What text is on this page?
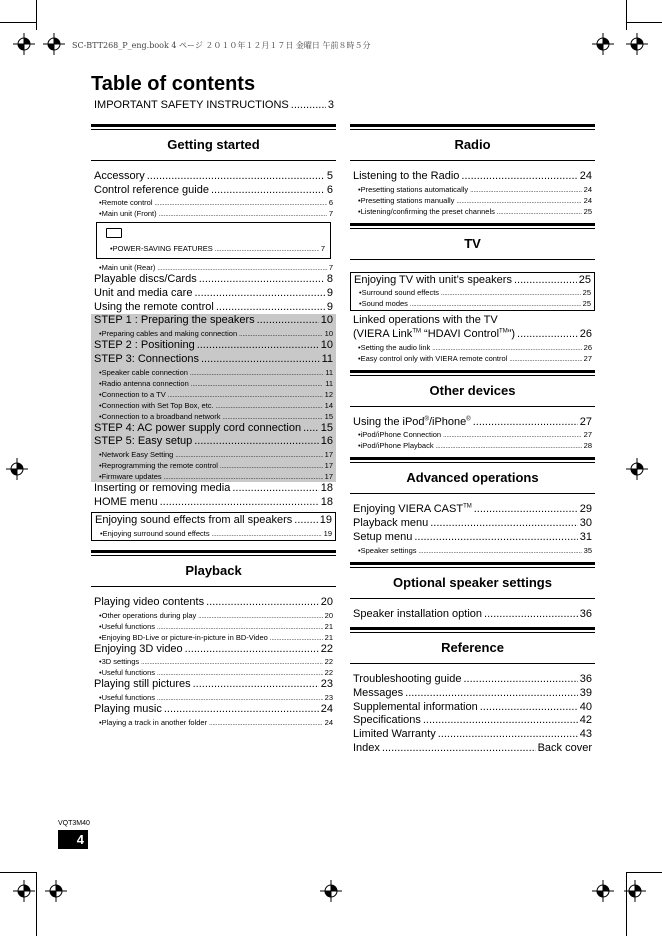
SC-BTT268_P_eng.book 4 ページ ２０１０年１２月１７日 金曜日 午前８時５分
Table of contents
IMPORTANT SAFETY INSTRUCTIONS .....	3
Getting started
Accessory .....	5
Control reference guide .....	6
•Remote control .....	6
•Main unit (Front) .....	7
•POWER-SAVING FEATURES .....	7
•Main unit (Rear) .....	7
Playable discs/Cards .....	8
Unit and media care .....	9
Using the remote control .....	9
STEP 1 : Preparing the speakers .....	10
•Preparing cables and making connection .....	10
STEP 2 : Positioning .....	10
STEP 3: Connections .....	11
•Speaker cable connection .....	11
•Radio antenna connection .....	11
•Connection to a TV .....	12
•Connection with Set Top Box, etc. .....	14
•Connection to a broadband network .....	15
STEP 4: AC power supply cord connection ..... 15
STEP 5: Easy setup .....	16
•Network Easy Setting .....	17
•Reprogramming the remote control .....	17
•Firmware updates .....	17
Inserting or removing media .....	18
HOME menu .....	18
Enjoying sound effects from all speakers ..... 19
•Enjoying surround sound effects .....	19
Playback
Playing video contents .....	20
•Other operations during play .....	20
•Useful functions .....	21
•Enjoying BD-Live or picture-in-picture in BD-Video .....	21
Enjoying 3D video .....	22
•3D settings .....	22
•Useful functions .....	22
Playing still pictures .....	23
•Useful functions .....	23
Playing music .....	24
•Playing a track in another folder .....	24
Radio
Listening to the Radio .....	24
•Presetting stations automatically .....	24
•Presetting stations manually .....	24
•Listening/confirming the preset channels .....	25
TV
Enjoying TV with unit’s speakers .....	25
•Surround sound effects .....	25
•Sound modes .....	25
Linked operations with the TV
(VIERA Link™ “HDAVI Control™”) .....	26
•Setting the audio link .....	26
•Easy control only with VIERA remote control .....	27
Other devices
Using the iPod®/iPhone® .....	27
•iPod/iPhone Connection .....	27
•iPod/iPhone Playback .....	28
Advanced operations
Enjoying VIERA CAST™ .....	29
Playback menu .....	30
Setup menu .....	31
•Speaker settings .....	35
Optional speaker settings
Speaker installation option .....	36
Reference
Troubleshooting guide .....	36
Messages .....	39
Supplemental information .....	40
Specifications .....	42
Limited Warranty .....	43
Index .....	Back cover
VQT3M40
4
